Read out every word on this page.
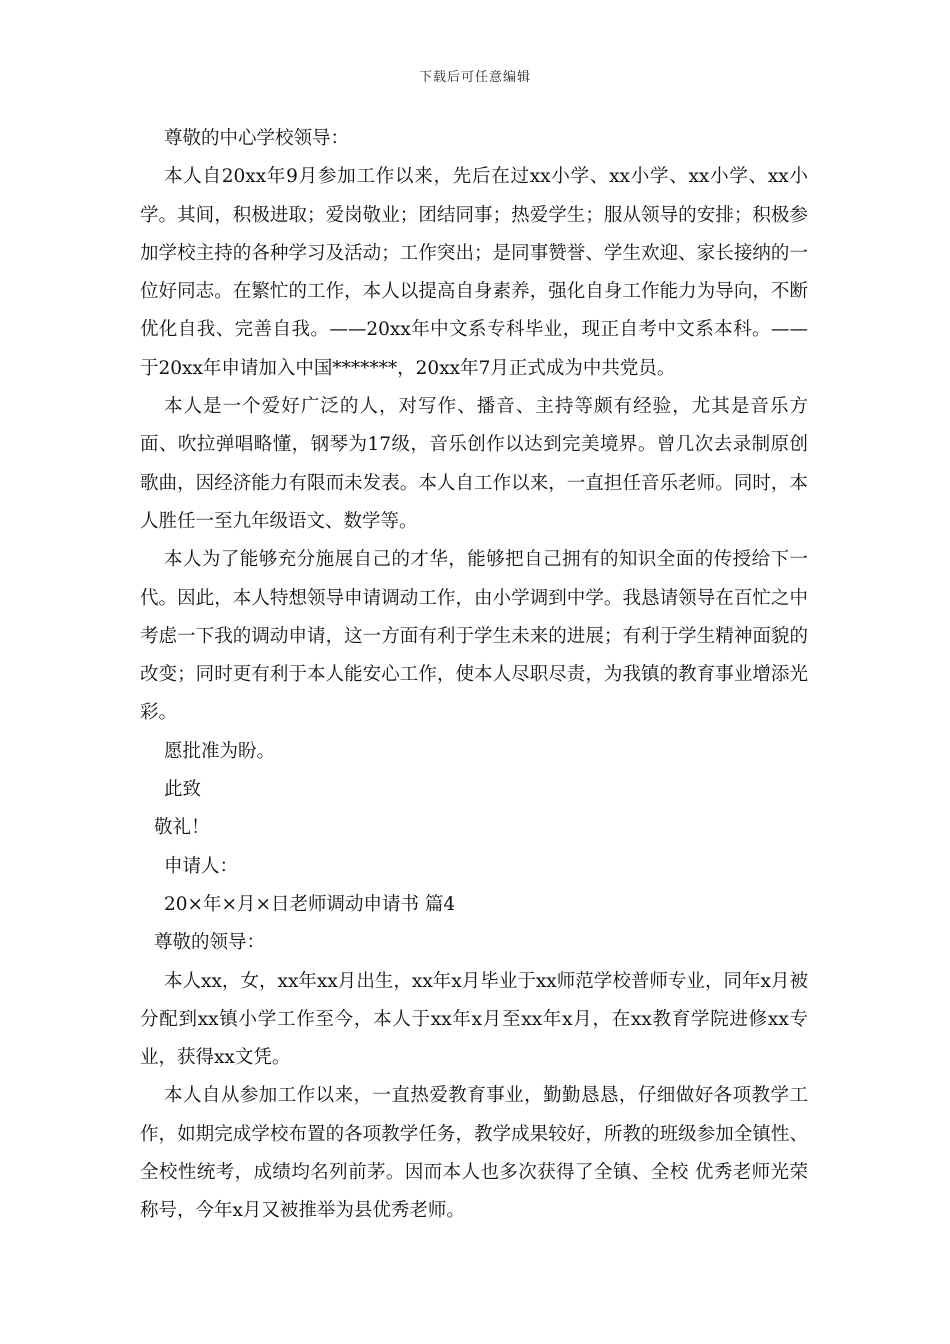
下载后可任意编辑

尊敬的中心学校领导：

本人自20xx年9月参加工作以来，先后在过xx小学、xx小学、xx小学、xx小学。其间，积极进取；爱岗敬业；团结同事；热爱学生；服从领导的安排；积极参加学校主持的各种学习及活动；工作突出；是同事赞誉、学生欢迎、家长接纳的一位好同志。在繁忙的工作，本人以提高自身素养，强化自身工作能力为导向，不断优化自我、完善自我。——20xx年中文系专科毕业，现正自考中文系本科。——于20xx年申请加入中国*******，20xx年7月正式成为中共党员。

本人是一个爱好广泛的人，对写作、播音、主持等颇有经验，尤其是音乐方面、吹拉弹唱略懂，钢琴为17级，音乐创作以达到完美境界。曾几次去录制原创歌曲，因经济能力有限而未发表。本人自工作以来，一直担任音乐老师。同时，本人胜任一至九年级语文、数学等。

本人为了能够充分施展自己的才华，能够把自己拥有的知识全面的传授给下一代。因此，本人特想领导申请调动工作，由小学调到中学。我恳请领导在百忙之中考虑一下我的调动申请，这一方面有利于学生未来的进展；有利于学生精神面貌的改变；同时更有利于本人能安心工作，使本人尽职尽责，为我镇的教育事业增添光彩。

愿批准为盼。

此致

敬礼！

申请人：

20×年×月×日老师调动申请书 篇4

尊敬的领导：

本人xx，女，xx年xx月出生，xx年x月毕业于xx师范学校普师专业，同年x月被分配到xx镇小学工作至今，本人于xx年x月至xx年x月，在xx教育学院进修xx专业，获得xx文凭。

本人自从参加工作以来，一直热爱教育事业，勤勤恳恳，仔细做好各项教学工作，如期完成学校布置的各项教学任务，教学成果较好，所教的班级参加全镇性、全校性统考，成绩均名列前茅。因而本人也多次获得了全镇、全校 优秀老师光荣称号，今年x月又被推举为县优秀老师。
